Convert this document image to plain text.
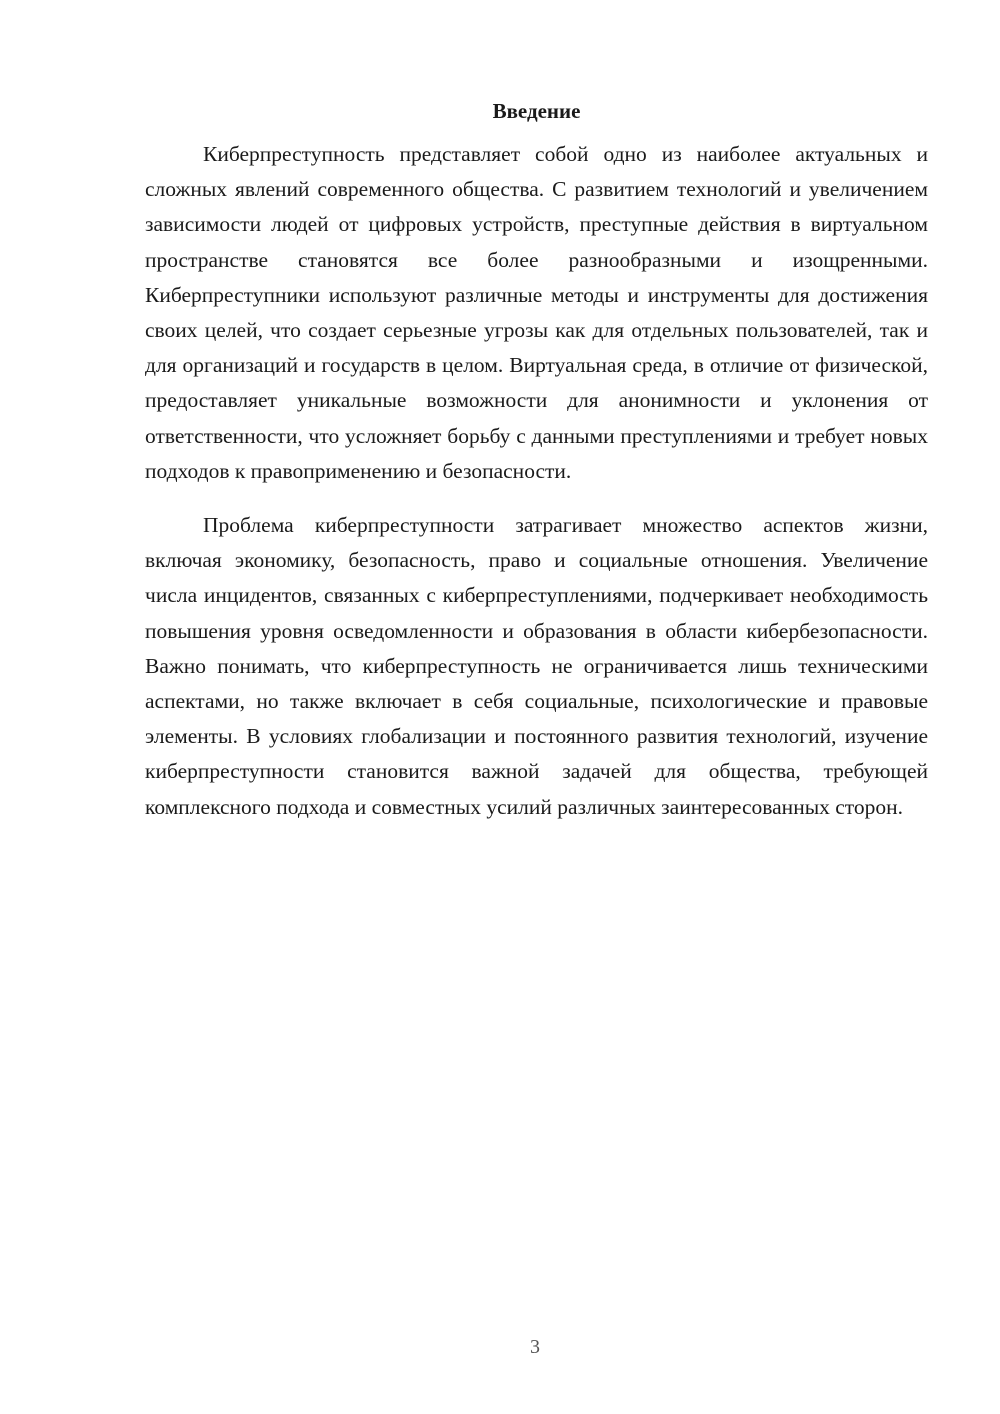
Введение

Киберпреступность представляет собой одно из наиболее актуальных и сложных явлений современного общества. С развитием технологий и увеличением зависимости людей от цифровых устройств, преступные действия в виртуальном пространстве становятся все более разнообразными и изощренными. Киберпреступники используют различные методы и инструменты для достижения своих целей, что создает серьезные угрозы как для отдельных пользователей, так и для организаций и государств в целом. Виртуальная среда, в отличие от физической, предоставляет уникальные возможности для анонимности и уклонения от ответственности, что усложняет борьбу с данными преступлениями и требует новых подходов к правоприменению и безопасности.

Проблема киберпреступности затрагивает множество аспектов жизни, включая экономику, безопасность, право и социальные отношения. Увеличение числа инцидентов, связанных с киберпреступлениями, подчеркивает необходимость повышения уровня осведомленности и образования в области кибербезопасности. Важно понимать, что киберпреступность не ограничивается лишь техническими аспектами, но также включает в себя социальные, психологические и правовые элементы. В условиях глобализации и постоянного развития технологий, изучение киберпреступности становится важной задачей для общества, требующей комплексного подхода и совместных усилий различных заинтересованных сторон.

3
